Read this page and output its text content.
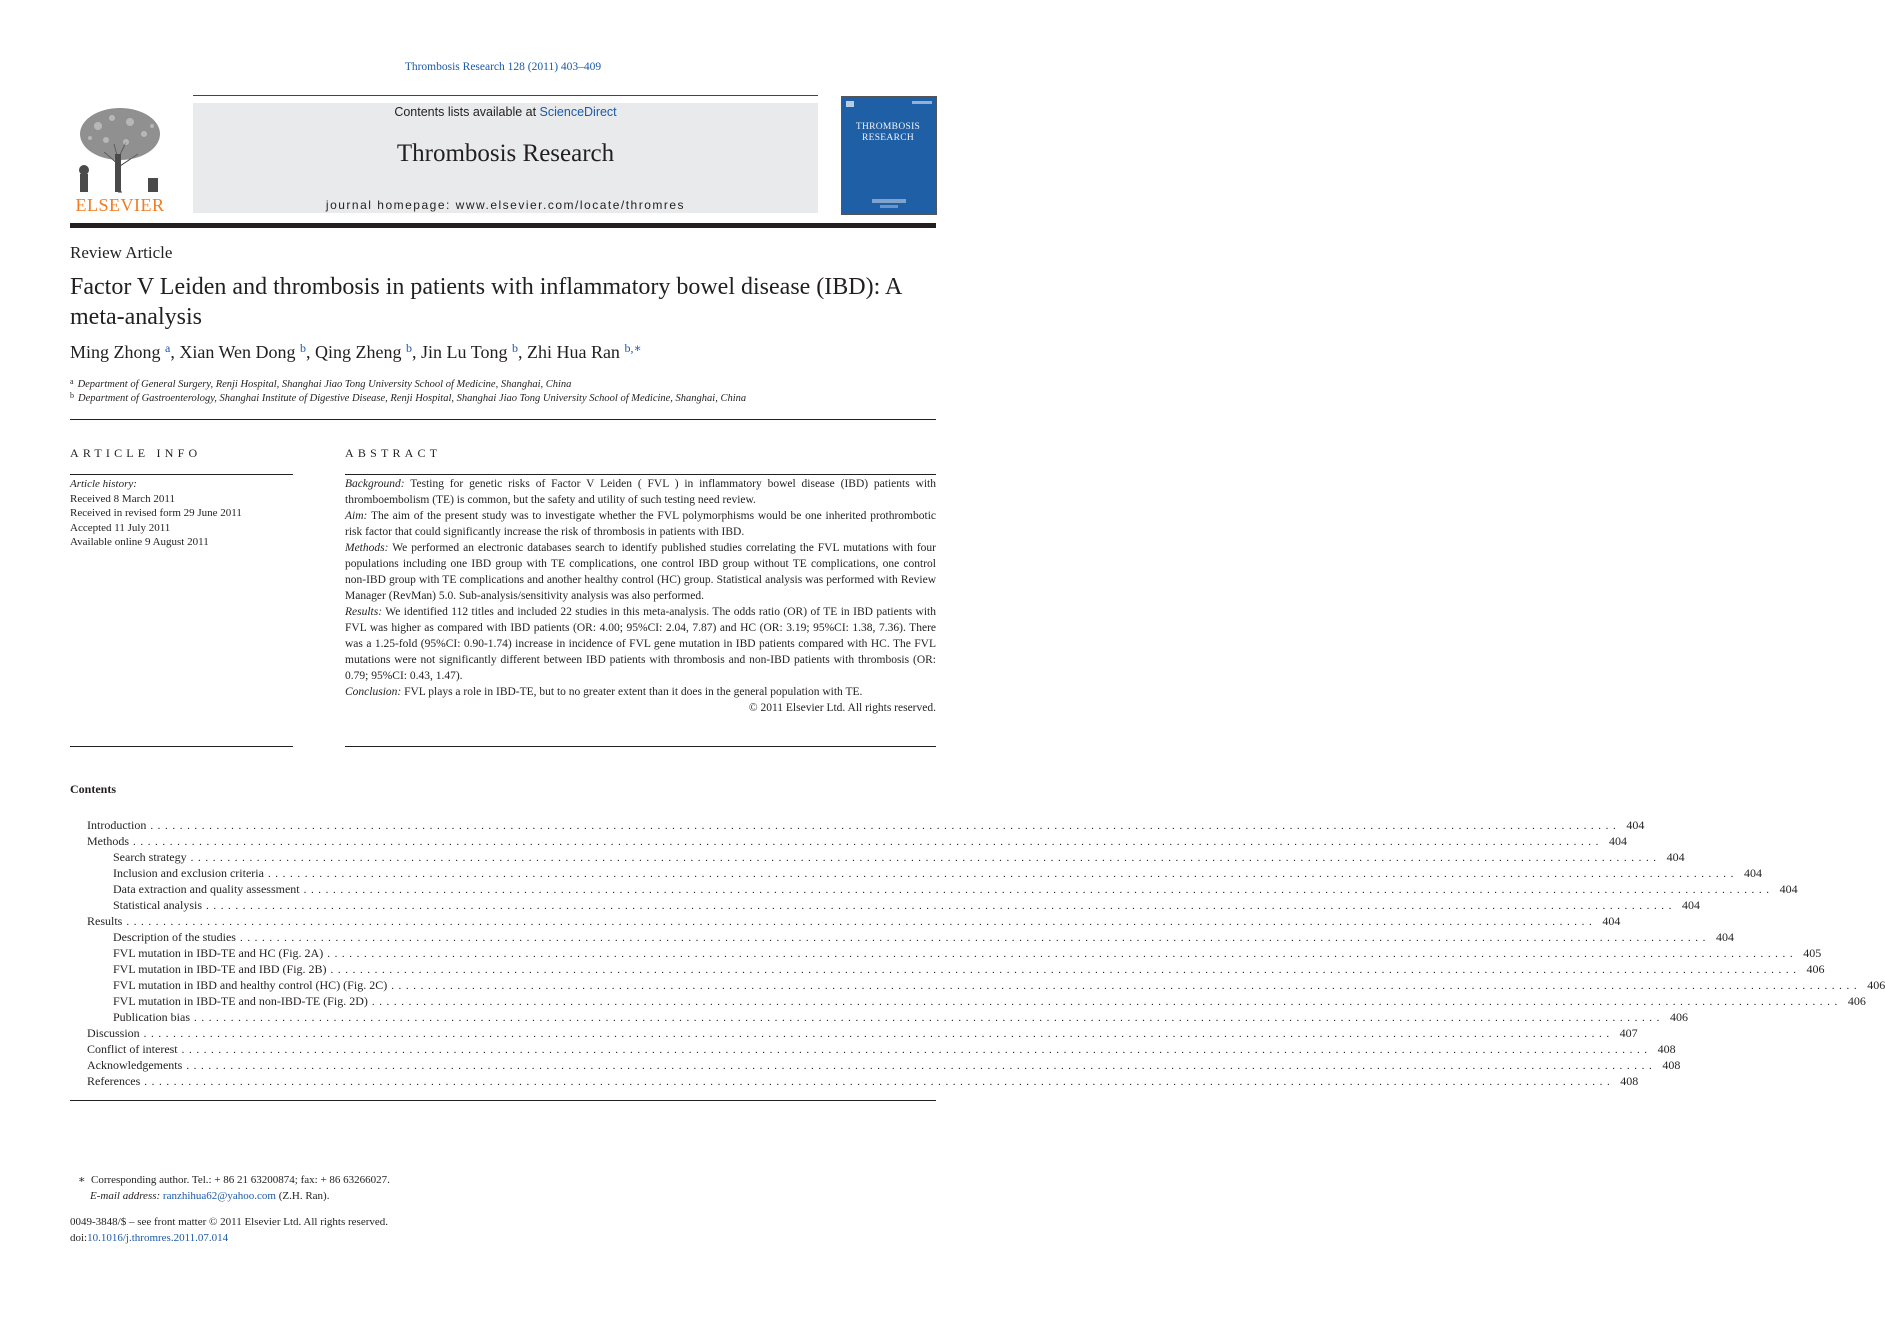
Thrombosis Research 128 (2011) 403–409
ELSEVIER
Contents lists available at ScienceDirect
Thrombosis Research
journal homepage: www.elsevier.com/locate/thromres
THROMBOSIS
RESEARCH
Review Article
Factor V Leiden and thrombosis in patients with inflammatory bowel disease (IBD): A meta-analysis
Ming Zhong $^a$, Xian Wen Dong $^b$, Qing Zheng $^b$, Jin Lu Tong $^b$, Zhi Hua Ran $^{b,∗}$
$^a$ Department of General Surgery, Renji Hospital, Shanghai Jiao Tong University School of Medicine, Shanghai, China
$^b$ Department of Gastroenterology, Shanghai Institute of Digestive Disease, Renji Hospital, Shanghai Jiao Tong University School of Medicine, Shanghai, China
ARTICLE INFO
Article history:
Received 8 March 2011
Received in revised form 29 June 2011
Accepted 11 July 2011
Available online 9 August 2011
ABSTRACT

Background: Testing for genetic risks of Factor V Leiden ( FVL ) in inflammatory bowel disease (IBD) patients with thromboembolism (TE) is common, but the safety and utility of such testing need review.

Aim: The aim of the present study was to investigate whether the FVL polymorphisms would be one inherited prothrombotic risk factor that could significantly increase the risk of thrombosis in patients with IBD.

Methods: We performed an electronic databases search to identify published studies correlating the FVL mutations with four populations including one IBD group with TE complications, one control IBD group without TE complications, one control non-IBD group with TE complications and another healthy control (HC) group. Statistical analysis was performed with Review Manager (RevMan) 5.0. Sub-analysis/sensitivity analysis was also performed.

Results: We identified 112 titles and included 22 studies in this meta-analysis. The odds ratio (OR) of TE in IBD patients with FVL was higher as compared with IBD patients (OR: 4.00; 95%CI: 2.04, 7.87) and HC (OR: 3.19; 95%CI: 1.38, 7.36). There was a 1.25-fold (95%CI: 0.90-1.74) increase in incidence of FVL gene mutation in IBD patients compared with HC. The FVL mutations were not significantly different between IBD patients with thrombosis and non-IBD patients with thrombosis (OR: 0.79; 95%CI: 0.43, 1.47).

Conclusion: FVL plays a role in IBD-TE, but to no greater extent than it does in the general population with TE.

© 2011 Elsevier Ltd. All rights reserved.

Contents
Introduction ........................................................................................................................................................................................................ 404
Methods ........................................................................................................................................................................................................ 404
Search strategy ........................................................................................................................................................................................................ 404
Inclusion and exclusion criteria ........................................................................................................................................................................................................ 404
Data extraction and quality assessment ........................................................................................................................................................................................................ 404
Statistical analysis ........................................................................................................................................................................................................ 404
Results ........................................................................................................................................................................................................ 404
Description of the studies ........................................................................................................................................................................................................ 404
FVL mutation in IBD-TE and HC (Fig. 2A) ........................................................................................................................................................................................................ 405
FVL mutation in IBD-TE and IBD (Fig. 2B) ........................................................................................................................................................................................................ 406
FVL mutation in IBD and healthy control (HC) (Fig. 2C) ........................................................................................................................................................................................................ 406
FVL mutation in IBD-TE and non-IBD-TE (Fig. 2D) ........................................................................................................................................................................................................ 406
Publication bias ........................................................................................................................................................................................................ 406
Discussion ........................................................................................................................................................................................................ 407
Conflict of interest ........................................................................................................................................................................................................ 408
Acknowledgements ........................................................................................................................................................................................................ 408
References ........................................................................................................................................................................................................ 408
∗ Corresponding author. Tel.: + 86 21 63200874; fax: + 86 63266027.
E-mail address: ranzhihua62@yahoo.com (Z.H. Ran).
0049-3848/$ – see front matter © 2011 Elsevier Ltd. All rights reserved.
doi:10.1016/j.thromres.2011.07.014
